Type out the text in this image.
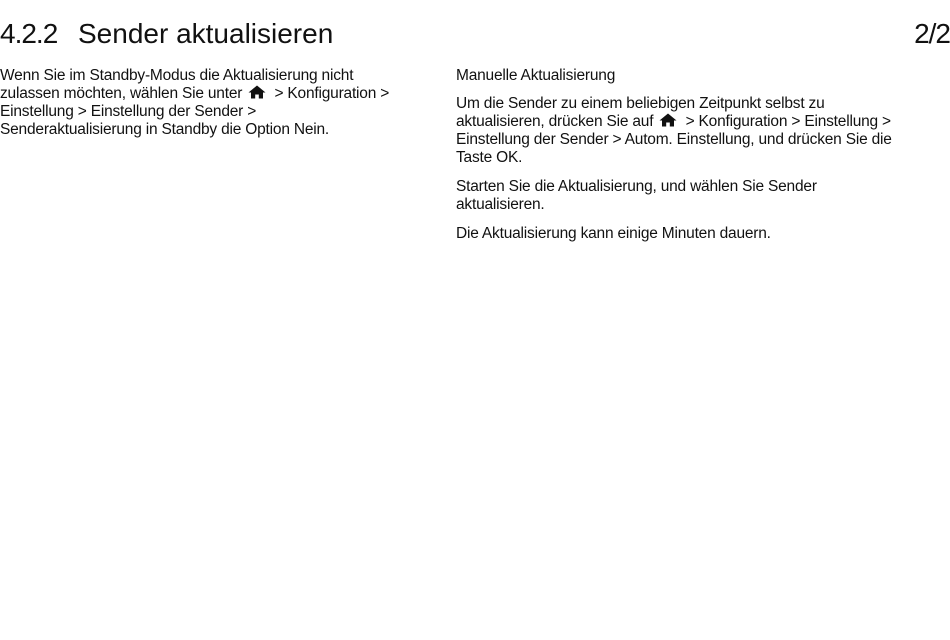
4.2.2 Sender aktualisieren	2/2

Wenn Sie im Standby-Modus die Aktualisierung nicht zulassen möchten, wählen Sie unter > Konfiguration > Einstellung > Einstellung der Sender > Senderaktualisierung in Standby die Option Nein.

Manuelle Aktualisierung

Um die Sender zu einem beliebigen Zeitpunkt selbst zu aktualisieren, drücken Sie auf > Konfiguration > Einstellung > Einstellung der Sender > Autom. Einstellung, und drücken Sie die Taste OK.

Starten Sie die Aktualisierung, und wählen Sie Sender aktualisieren.

Die Aktualisierung kann einige Minuten dauern.
